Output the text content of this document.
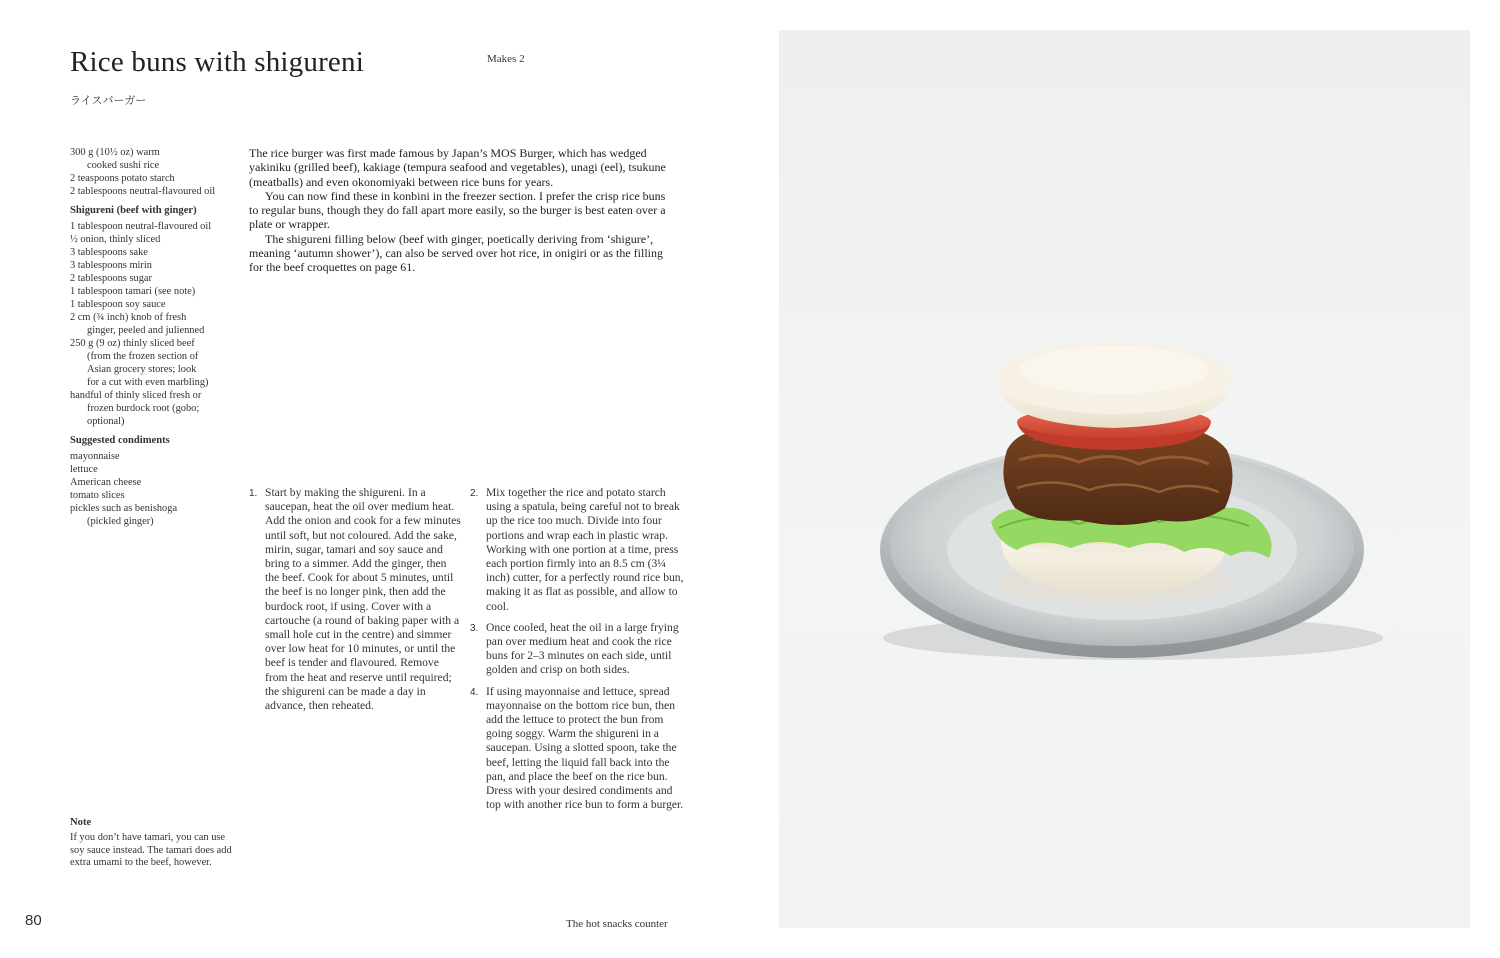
Rice buns with shigureni
ライスバーガー
Makes 2
300 g (10½ oz) warm
cooked sushi rice
2 teaspoons potato starch
2 tablespoons neutral-flavoured oil
Shigureni (beef with ginger)
1 tablespoon neutral-flavoured oil
½ onion, thinly sliced
3 tablespoons sake
3 tablespoons mirin
2 tablespoons sugar
1 tablespoon tamari (see note)
1 tablespoon soy sauce
2 cm (¾ inch) knob of fresh
ginger, peeled and julienned
250 g (9 oz) thinly sliced beef
(from the frozen section of
Asian grocery stores; look
for a cut with even marbling)
handful of thinly sliced fresh or
frozen burdock root (gobo;
optional)
Suggested condiments
mayonnaise
lettuce
American cheese
tomato slices
pickles such as benishoga
(pickled ginger)

The rice burger was first made famous by Japan’s MOS Burger, which has wedged yakiniku (grilled beef), kakiage (tempura seafood and vegetables), unagi (eel), tsukune (meatballs) and even okonomiyaki between rice buns for years.

You can now find these in konbini in the freezer section. I prefer the crisp rice buns to regular buns, though they do fall apart more easily, so the burger is best eaten over a plate or wrapper.

The shigureni filling below (beef with ginger, poetically deriving from ‘shigure’, meaning ‘autumn shower’), can also be served over hot rice, in onigiri or as the filling for the beef croquettes on page 61.

1. Start by making the shigureni. In a saucepan, heat the oil over medium heat. Add the onion and cook for a few minutes until soft, but not coloured. Add the sake, mirin, sugar, tamari and soy sauce and bring to a simmer. Add the ginger, then the beef. Cook for about 5 minutes, until the beef is no longer pink, then add the burdock root, if using. Cover with a cartouche (a round of baking paper with a small hole cut in the centre) and simmer over low heat for 10 minutes, or until the beef is tender and flavoured. Remove from the heat and reserve until required; the shigureni can be made a day in advance, then reheated.
2. Mix together the rice and potato starch using a spatula, being careful not to break up the rice too much. Divide into four portions and wrap each in plastic wrap. Working with one portion at a time, press each portion firmly into an 8.5 cm (3¼ inch) cutter, for a perfectly round rice bun, making it as flat as possible, and allow to cool.
3. Once cooled, heat the oil in a large frying pan over medium heat and cook the rice buns for 2–3 minutes on each side, until golden and crisp on both sides.
4. If using mayonnaise and lettuce, spread mayonnaise on the bottom rice bun, then add the lettuce to protect the bun from going soggy. Warm the shigureni in a saucepan. Using a slotted spoon, take the beef, letting the liquid fall back into the pan, and place the beef on the rice bun. Dress with your desired condiments and top with another rice bun to form a burger.
Note
If you don’t have tamari, you can use soy sauce instead. The tamari does add extra umami to the beef, however.
80	The hot snacks counter
